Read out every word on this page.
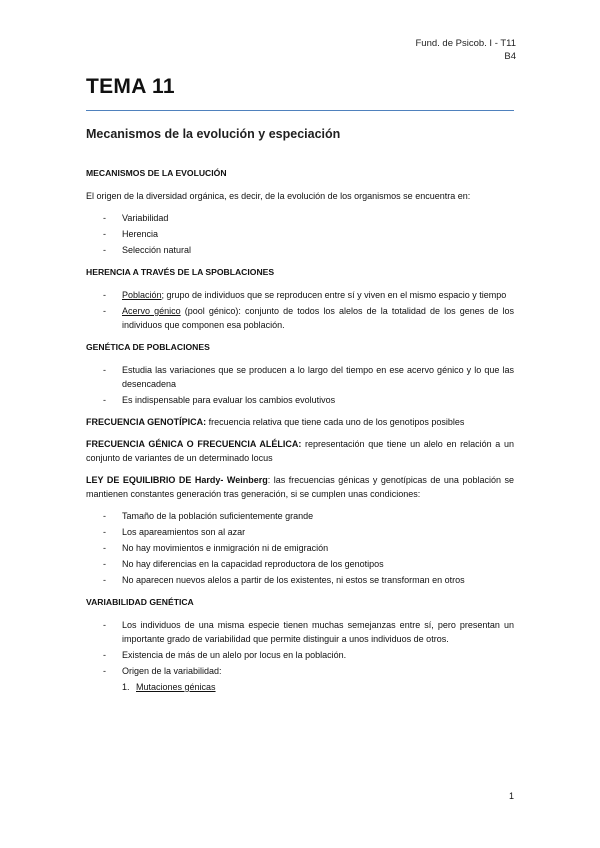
Fund. de Psicob. I - T11
B4
TEMA 11
Mecanismos de la evolución y especiación
MECANISMOS DE LA EVOLUCIÓN
El origen de la diversidad orgánica, es decir, de la evolución de los organismos se encuentra en:
- Variabilidad
- Herencia
- Selección natural
HERENCIA A TRAVÉS DE LA SPOBLACIONES
- Población; grupo de individuos que se reproducen entre sí y viven en el mismo espacio y tiempo
- Acervo génico (pool génico): conjunto de todos los alelos de la totalidad de los genes de los individuos que componen esa población.
GENÉTICA DE POBLACIONES
- Estudia las variaciones que se producen a lo largo del tiempo en ese acervo génico y lo que las desencadena
- Es indispensable para evaluar los cambios evolutivos
FRECUENCIA GENOTÍPICA: frecuencia relativa que tiene cada uno de los genotipos posibles
FRECUENCIA GÉNICA O FRECUENCIA ALÉLICA: representación que tiene un alelo en relación a un conjunto de variantes de un determinado locus
LEY DE EQUILIBRIO DE Hardy- Weinberg: las frecuencias génicas y genotípicas de una población se mantienen constantes generación tras generación, si se cumplen unas condiciones:
- Tamaño de la población suficientemente grande
- Los apareamientos son al azar
- No hay movimientos e inmigración ni de emigración
- No hay diferencias en la capacidad reproductora de los genotipos
- No aparecen nuevos alelos a partir de los existentes, ni estos se transforman en otros
VARIABILIDAD GENÉTICA
- Los individuos de una misma especie tienen muchas semejanzas entre sí, pero presentan un importante grado de variabilidad que permite distinguir a unos individuos de otros.
- Existencia de más de un alelo por locus en la población.
- Origen de la variabilidad:
1. Mutaciones génicas
1
